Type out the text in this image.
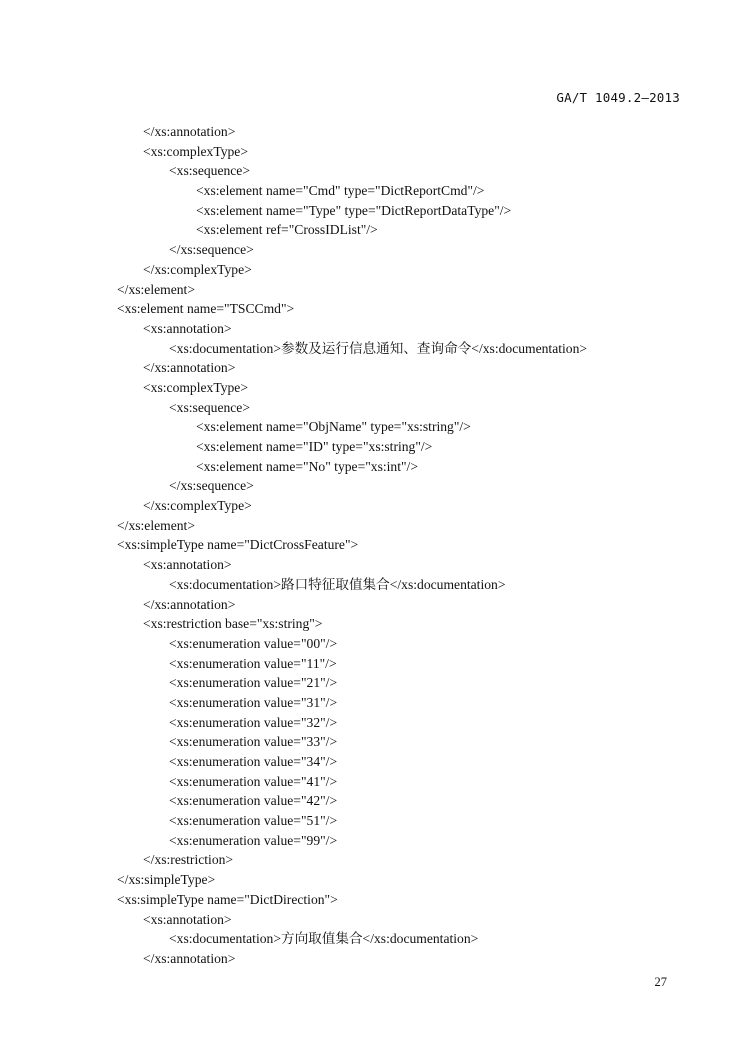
GA/T 1049.2—2013
</xs:annotation>
<xs:complexType>
<xs:sequence>
<xs:element name="Cmd" type="DictReportCmd"/>
<xs:element name="Type" type="DictReportDataType"/>
<xs:element ref="CrossIDList"/>
</xs:sequence>
</xs:complexType>
</xs:element>
<xs:element name="TSCCmd">
<xs:annotation>
<xs:documentation>参数及运行信息通知、查询命令</xs:documentation>
</xs:annotation>
<xs:complexType>
<xs:sequence>
<xs:element name="ObjName" type="xs:string"/>
<xs:element name="ID" type="xs:string"/>
<xs:element name="No" type="xs:int"/>
</xs:sequence>
</xs:complexType>
</xs:element>
<xs:simpleType name="DictCrossFeature">
<xs:annotation>
<xs:documentation>路口特征取值集合</xs:documentation>
</xs:annotation>
<xs:restriction base="xs:string">
<xs:enumeration value="00"/>
<xs:enumeration value="11"/>
<xs:enumeration value="21"/>
<xs:enumeration value="31"/>
<xs:enumeration value="32"/>
<xs:enumeration value="33"/>
<xs:enumeration value="34"/>
<xs:enumeration value="41"/>
<xs:enumeration value="42"/>
<xs:enumeration value="51"/>
<xs:enumeration value="99"/>
</xs:restriction>
</xs:simpleType>
<xs:simpleType name="DictDirection">
<xs:annotation>
<xs:documentation>方向取值集合</xs:documentation>
</xs:annotation>
27
